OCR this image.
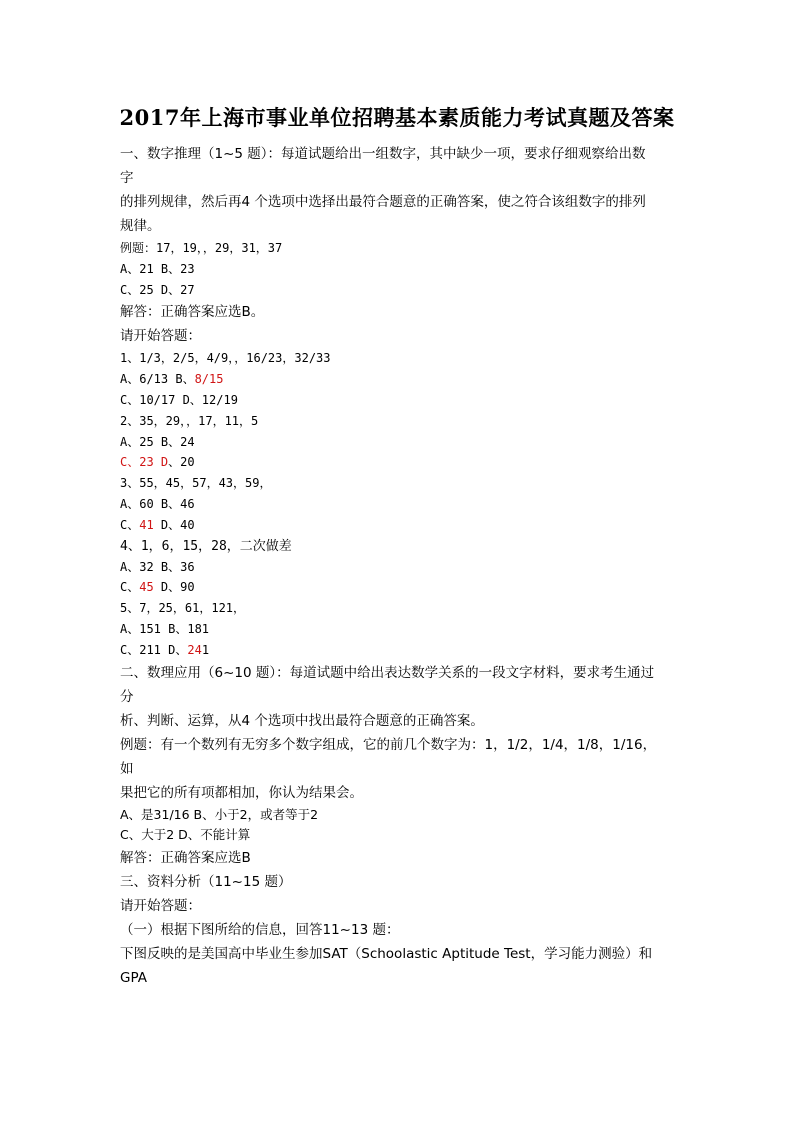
2017年上海市事业单位招聘基本素质能力考试真题及答案
一、数字推理（1~5 题）：每道试题给出一组数字，其中缺少一项，要求仔细观察给出数
字
的排列规律，然后再4 个选项中选择出最符合题意的正确答案，使之符合该组数字的排列
规律。
例题：17，19，，29，31，37
A、21 B、23
C、25 D、27
解答：正确答案应选B。
请开始答题：
1、1/3，2/5，4/9，，16/23，32/33
A、6/13 B、8/15
C、10/17 D、12/19
2、35，29，，17，11，5
A、25 B、24
C、23 D、20
3、55，45，57，43，59，
A、60 B、46
C、41 D、40
4、1，6，15，28，二次做差
A、32 B、36
C、45 D、90
5、7，25，61，121，
A、151 B、181
C、211 D、241
二、数理应用（6~10 题）：每道试题中给出表达数学关系的一段文字材料，要求考生通过
分
析、判断、运算，从4 个选项中找出最符合题意的正确答案。
例题：有一个数列有无穷多个数字组成，它的前几个数字为：1，1/2，1/4，1/8，1/16，
如
果把它的所有项都相加，你认为结果会。
A、是31/16 B、小于2，或者等于2
C、大于2 D、不能计算
解答：正确答案应选B
三、资料分析（11~15 题）
请开始答题：
（一）根据下图所给的信息，回答11~13 题：
下图反映的是美国高中毕业生参加SAT（Schoolastic Aptitude Test，学习能力测验）和
GPA
